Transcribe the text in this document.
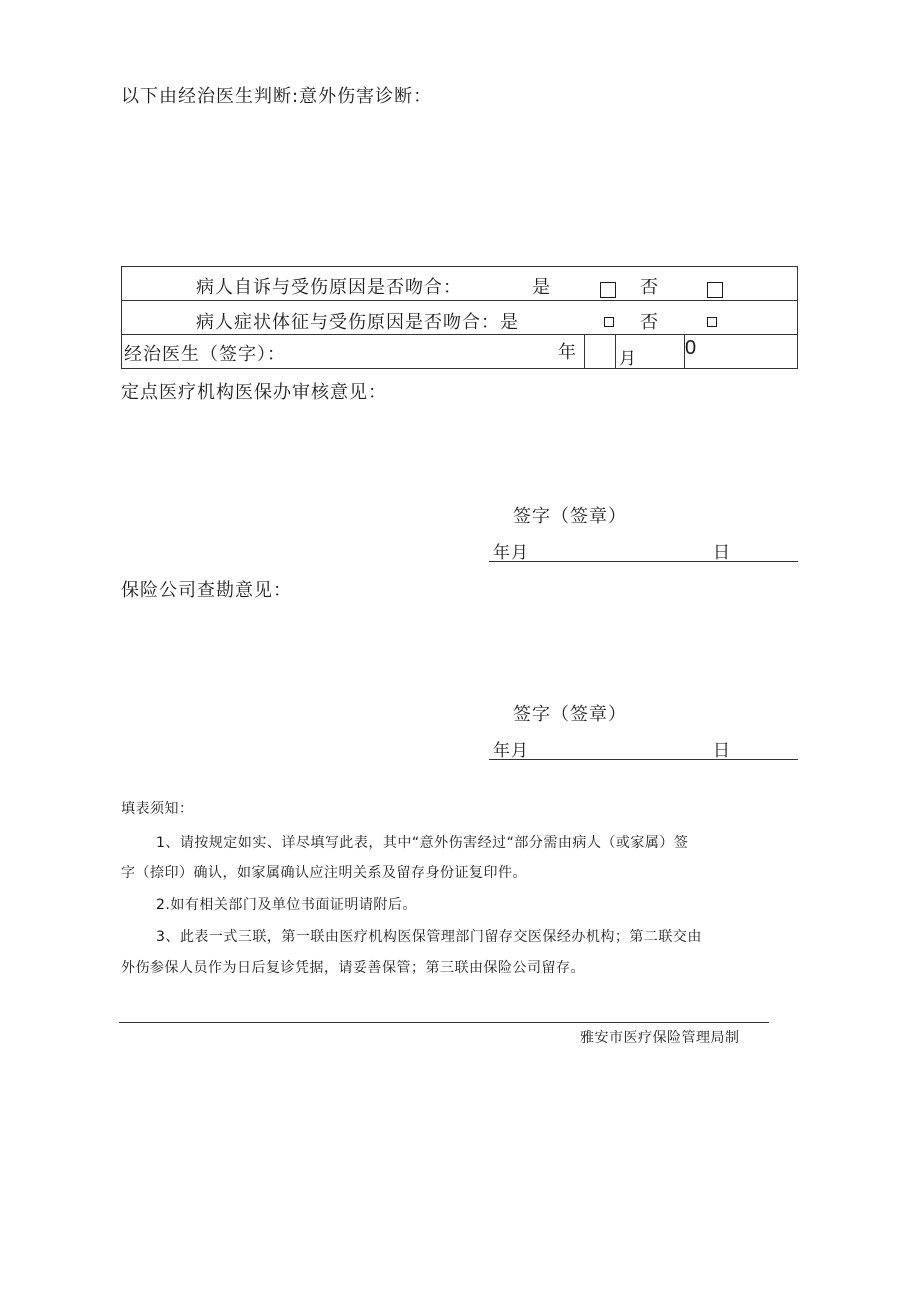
以下由经治医生判断:意外伤害诊断：
病人自诉与受伤原因是否吻合：	是	否

病人症状体征与受伤原因是否吻合：是	否

经治医生（签字）：	年		月	0
定点医疗机构医保办审核意见：
签字（签章）
年月	日
保险公司查勘意见：
签字（签章）
年月	日
填表须知：
1、请按规定如实、详尽填写此表，其中“意外伤害经过“部分需由病人（或家属）签
字（捺印）确认，如家属确认应注明关系及留存身份证复印件。
2.如有相关部门及单位书面证明请附后。
3、此表一式三联，第一联由医疗机构医保管理部门留存交医保经办机构；第二联交由
外伤参保人员作为日后复诊凭据，请妥善保管；第三联由保险公司留存。
雅安市医疗保险管理局制
